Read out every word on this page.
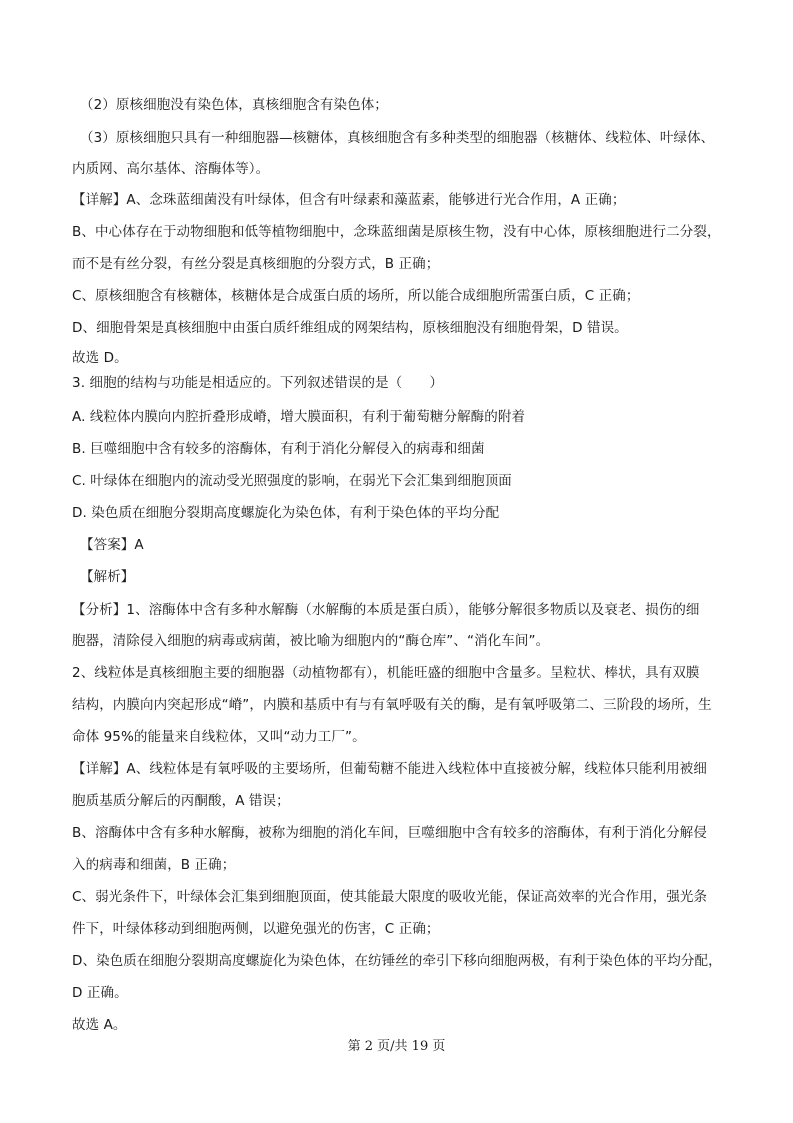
（2）原核细胞没有染色体，真核细胞含有染色体；
（3）原核细胞只具有一种细胞器—核糖体，真核细胞含有多种类型的细胞器（核糖体、线粒体、叶绿体、
内质网、高尔基体、溶酶体等）。
【详解】A、念珠蓝细菌没有叶绿体，但含有叶绿素和藻蓝素，能够进行光合作用，A 正确；
B、中心体存在于动物细胞和低等植物细胞中，念珠蓝细菌是原核生物，没有中心体，原核细胞进行二分裂，
而不是有丝分裂，有丝分裂是真核细胞的分裂方式，B 正确；
C、原核细胞含有核糖体，核糖体是合成蛋白质的场所，所以能合成细胞所需蛋白质，C 正确；
D、细胞骨架是真核细胞中由蛋白质纤维组成的网架结构，原核细胞没有细胞骨架，D 错误。
故选 D。
3. 细胞的结构与功能是相适应的。下列叙述错误的是（　　）
A. 线粒体内膜向内腔折叠形成嵴，增大膜面积，有利于葡萄糖分解酶的附着
B. 巨噬细胞中含有较多的溶酶体，有利于消化分解侵入的病毒和细菌
C. 叶绿体在细胞内的流动受光照强度的影响，在弱光下会汇集到细胞顶面
D. 染色质在细胞分裂期高度螺旋化为染色体，有利于染色体的平均分配
【答案】A
【解析】
【分析】1、溶酶体中含有多种水解酶（水解酶的本质是蛋白质），能够分解很多物质以及衰老、损伤的细
胞器，清除侵入细胞的病毒或病菌，被比喻为细胞内的“酶仓库”、“消化车间”。
2、线粒体是真核细胞主要的细胞器（动植物都有），机能旺盛的细胞中含量多。呈粒状、棒状，具有双膜
结构，内膜向内突起形成“嵴”，内膜和基质中有与有氧呼吸有关的酶，是有氧呼吸第二、三阶段的场所，生
命体 95%的能量来自线粒体，又叫“动力工厂”。
【详解】A、线粒体是有氧呼吸的主要场所，但葡萄糖不能进入线粒体中直接被分解，线粒体只能利用被细
胞质基质分解后的丙酮酸，A 错误；
B、溶酶体中含有多种水解酶，被称为细胞的消化车间，巨噬细胞中含有较多的溶酶体，有利于消化分解侵
入的病毒和细菌，B 正确；
C、弱光条件下，叶绿体会汇集到细胞顶面，使其能最大限度的吸收光能，保证高效率的光合作用，强光条
件下，叶绿体移动到细胞两侧，以避免强光的伤害，C 正确；
D、染色质在细胞分裂期高度螺旋化为染色体，在纺锤丝的牵引下移向细胞两极，有利于染色体的平均分配，
D 正确。
故选 A。
第 2 页/共 19 页
